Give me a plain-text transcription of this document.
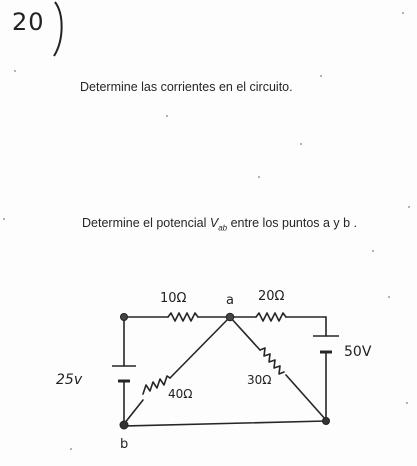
20
Determine las corrientes en el circuito.
Determine el potencial $V_{ab}$ entre los puntos a y b .
10Ω	20Ω
a
50V
25v
40Ω
30Ω
b
